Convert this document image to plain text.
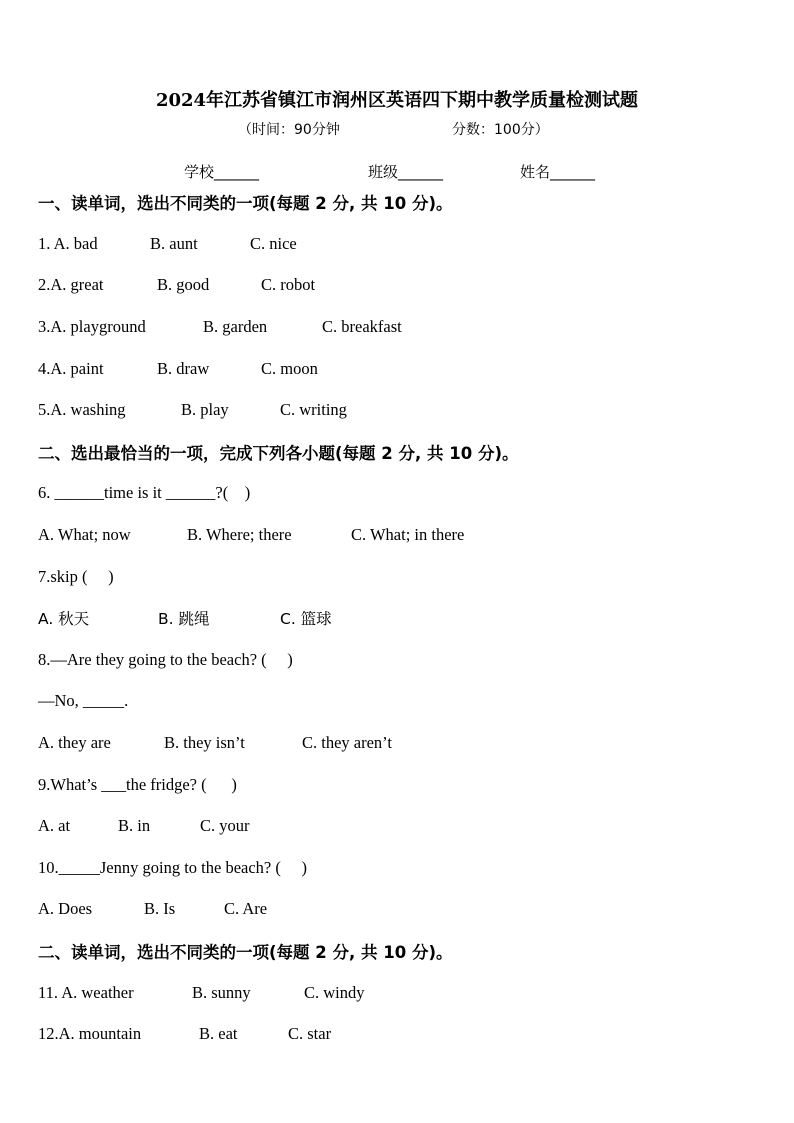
2024年江苏省镇江市润州区英语四下期中教学质量检测试题
（时间：90分钟	分数：100分）
学校______	班级______	姓名______
一、读单词，选出不同类的一项(每题 2 分, 共 10 分)。
1. A. bad	B. aunt	C. nice
2.A. great	B. good	C. robot
3.A. playground	B. garden	C. breakfast
4.A. paint	B. draw	C. moon
5.A. washing	B. play	C. writing
二、选出最恰当的一项，完成下列各小题(每题 2 分, 共 10 分)。
6. ______time is it ______?(    )
A. What; now	B. Where; there	C. What; in there
7.skip (     )
A. 秋天	B. 跳绳	C. 篮球
8.—Are they going to the beach? (     )
—No, _____.
A. they are	B. they isn’t	C. they aren’t
9.What’s ___the fridge? (      )
A. at	B. in	C. your
10._____Jenny going to the beach? (     )
A. Does	B. Is	C. Are
二、读单词，选出不同类的一项(每题 2 分, 共 10 分)。
11. A. weather	B. sunny	C. windy
12.A. mountain	B. eat	C. star
